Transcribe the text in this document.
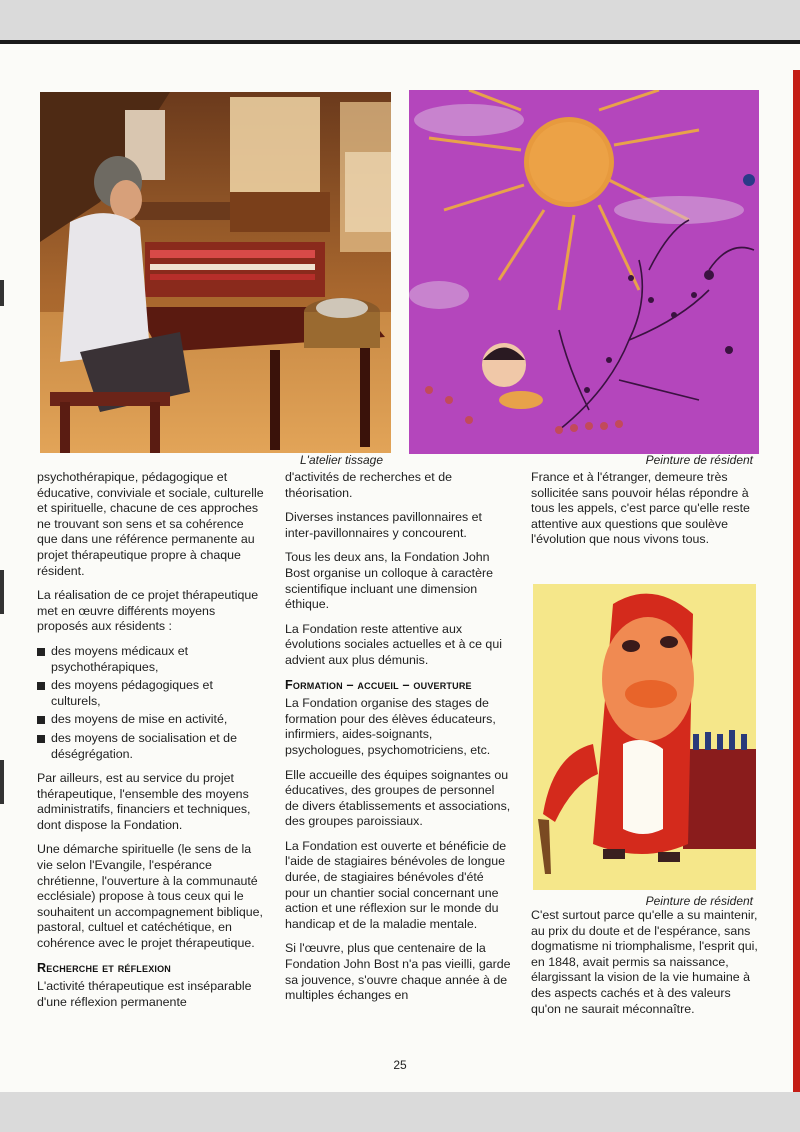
L'atelier tissage	Peinture de résident
Peinture de résident

psychothérapique, pédagogique et éducative, conviviale et sociale, culturelle et spirituelle, chacune de ces approches ne trouvant son sens et sa cohérence que dans une référence permanente au projet thérapeutique propre à chaque résident.

La réalisation de ce projet thérapeutique met en œuvre différents moyens proposés aux résidents :

des moyens médicaux et psychothérapiques,
des moyens pédagogiques et culturels,
des moyens de mise en activité,
des moyens de socialisation et de déségrégation.

Par ailleurs, est au service du projet thérapeutique, l'ensemble des moyens administratifs, financiers et techniques, dont dispose la Fondation.

Une démarche spirituelle (le sens de la vie selon l'Evangile, l'espérance chrétienne, l'ouverture à la communauté ecclésiale) propose à tous ceux qui le souhaitent un accompagnement biblique, pastoral, cultuel et catéchétique, en cohérence avec le projet thérapeutique.

Recherche et réflexion

L'activité thérapeutique est inséparable d'une réflexion permanente

d'activités de recherches et de théorisation.

Diverses instances pavillonnaires et inter-pavillonnaires y concourent.

Tous les deux ans, la Fondation John Bost organise un colloque à caractère scientifique incluant une dimension éthique.

La Fondation reste attentive aux évolutions sociales actuelles et à ce qui advient aux plus démunis.

Formation – accueil – ouverture

La Fondation organise des stages de formation pour des élèves éducateurs, infirmiers, aides-soignants, psychologues, psychomotriciens, etc.

Elle accueille des équipes soignantes ou éducatives, des groupes de personnel de divers établissements et associations, des groupes paroissiaux.

La Fondation est ouverte et bénéficie de l'aide de stagiaires bénévoles de longue durée, de stagiaires bénévoles d'été pour un chantier social concernant une action et une réflexion sur le monde du handicap et de la maladie mentale.

Si l'œuvre, plus que centenaire de la Fondation John Bost n'a pas vieilli, garde sa jouvence, s'ouvre chaque année à de multiples échanges en

France et à l'étranger, demeure très sollicitée sans pouvoir hélas répondre à tous les appels, c'est parce qu'elle reste attentive aux questions que soulève l'évolution que nous vivons tous.

C'est surtout parce qu'elle a su maintenir, au prix du doute et de l'espérance, sans dogmatisme ni triomphalisme, l'esprit qui, en 1848, avait permis sa naissance, élargissant la vision de la vie humaine à des aspects cachés et à des valeurs qu'on ne saurait méconnaître.

25
